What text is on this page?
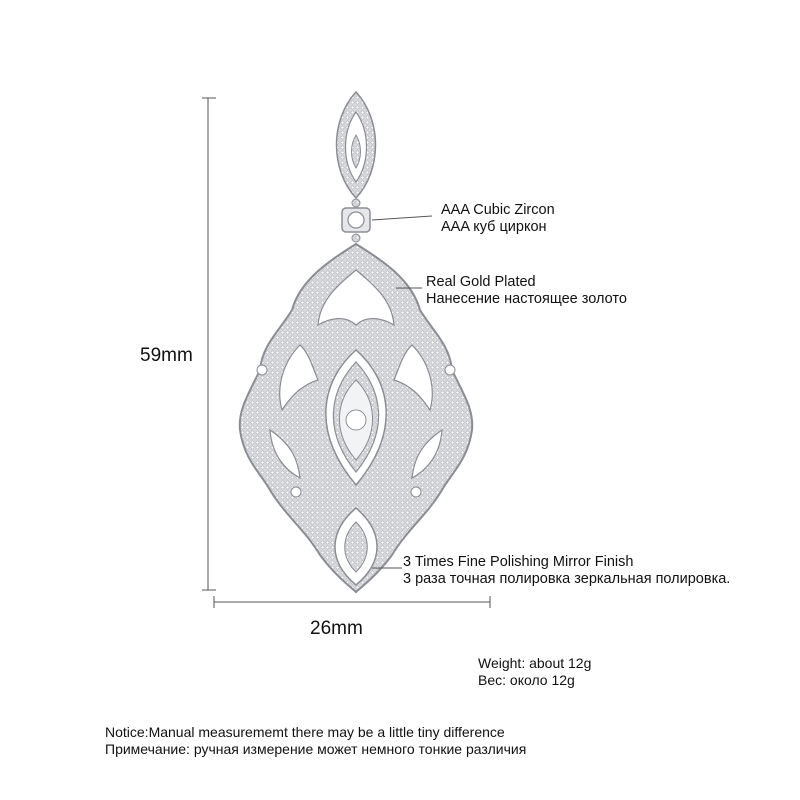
59mm
26mm
AAA Cubic Zircon
AAA куб циркон
Real Gold Plated
Нанесение настоящее золото
3 Times Fine Polishing Mirror Finish
3 раза точная полировка зеркальная полировка.
Weight: about 12g
Вес: около 12g
Notice:Manual measurememt there may be a little tiny difference
Примечание: ручная измерение может немного тонкие различия
